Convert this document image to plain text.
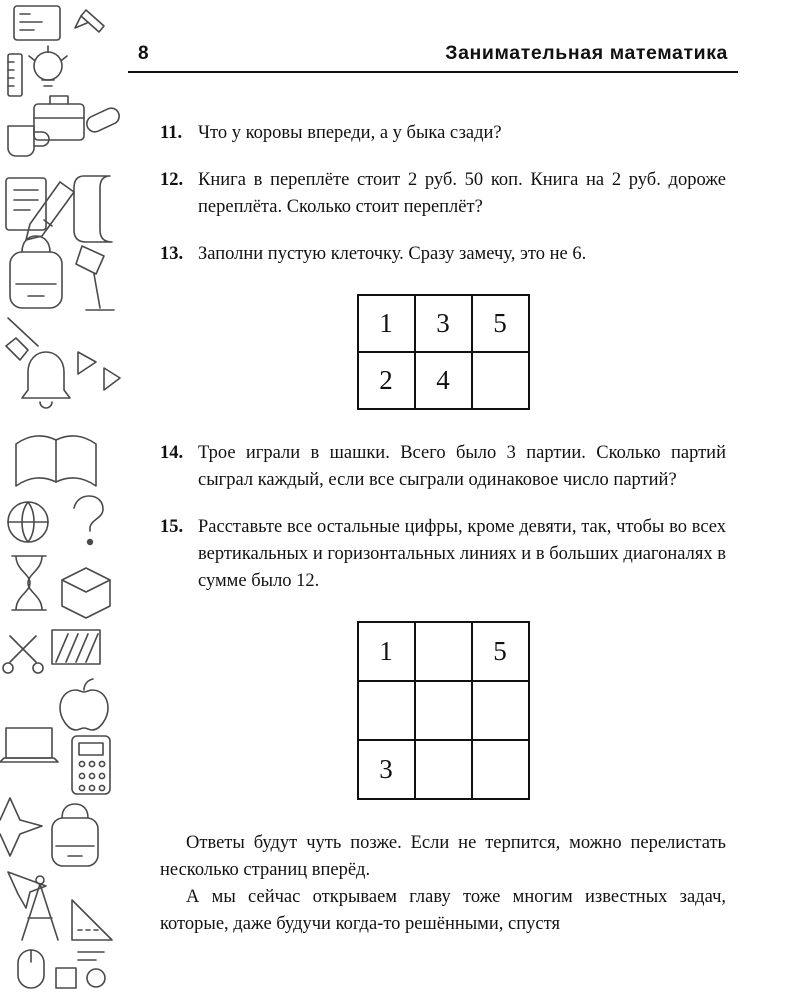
8	Занимательная математика
11. Что у коровы впереди, а у быка сзади?
12. Книга в переплёте стоит 2 руб. 50 коп. Книга на 2 руб. дороже переплёта. Сколько стоит переплёт?
13. Заполни пустую клеточку. Сразу замечу, это не 6.
1	3	5
2	4	
14. Трое играли в шашки. Всего было 3 партии. Сколько партий сыграл каждый, если все сыграли одинаковое число партий?
15. Расставьте все остальные цифры, кроме девяти, так, чтобы во всех вертикальных и горизонтальных линиях и в больших диагоналях в сумме было 12.
1		5

3		

Ответы будут чуть позже. Если не терпится, можно перелистать несколько страниц вперёд.

А мы сейчас открываем главу тоже многим известных задач, которые, даже будучи когда-то решёнными, спустя
